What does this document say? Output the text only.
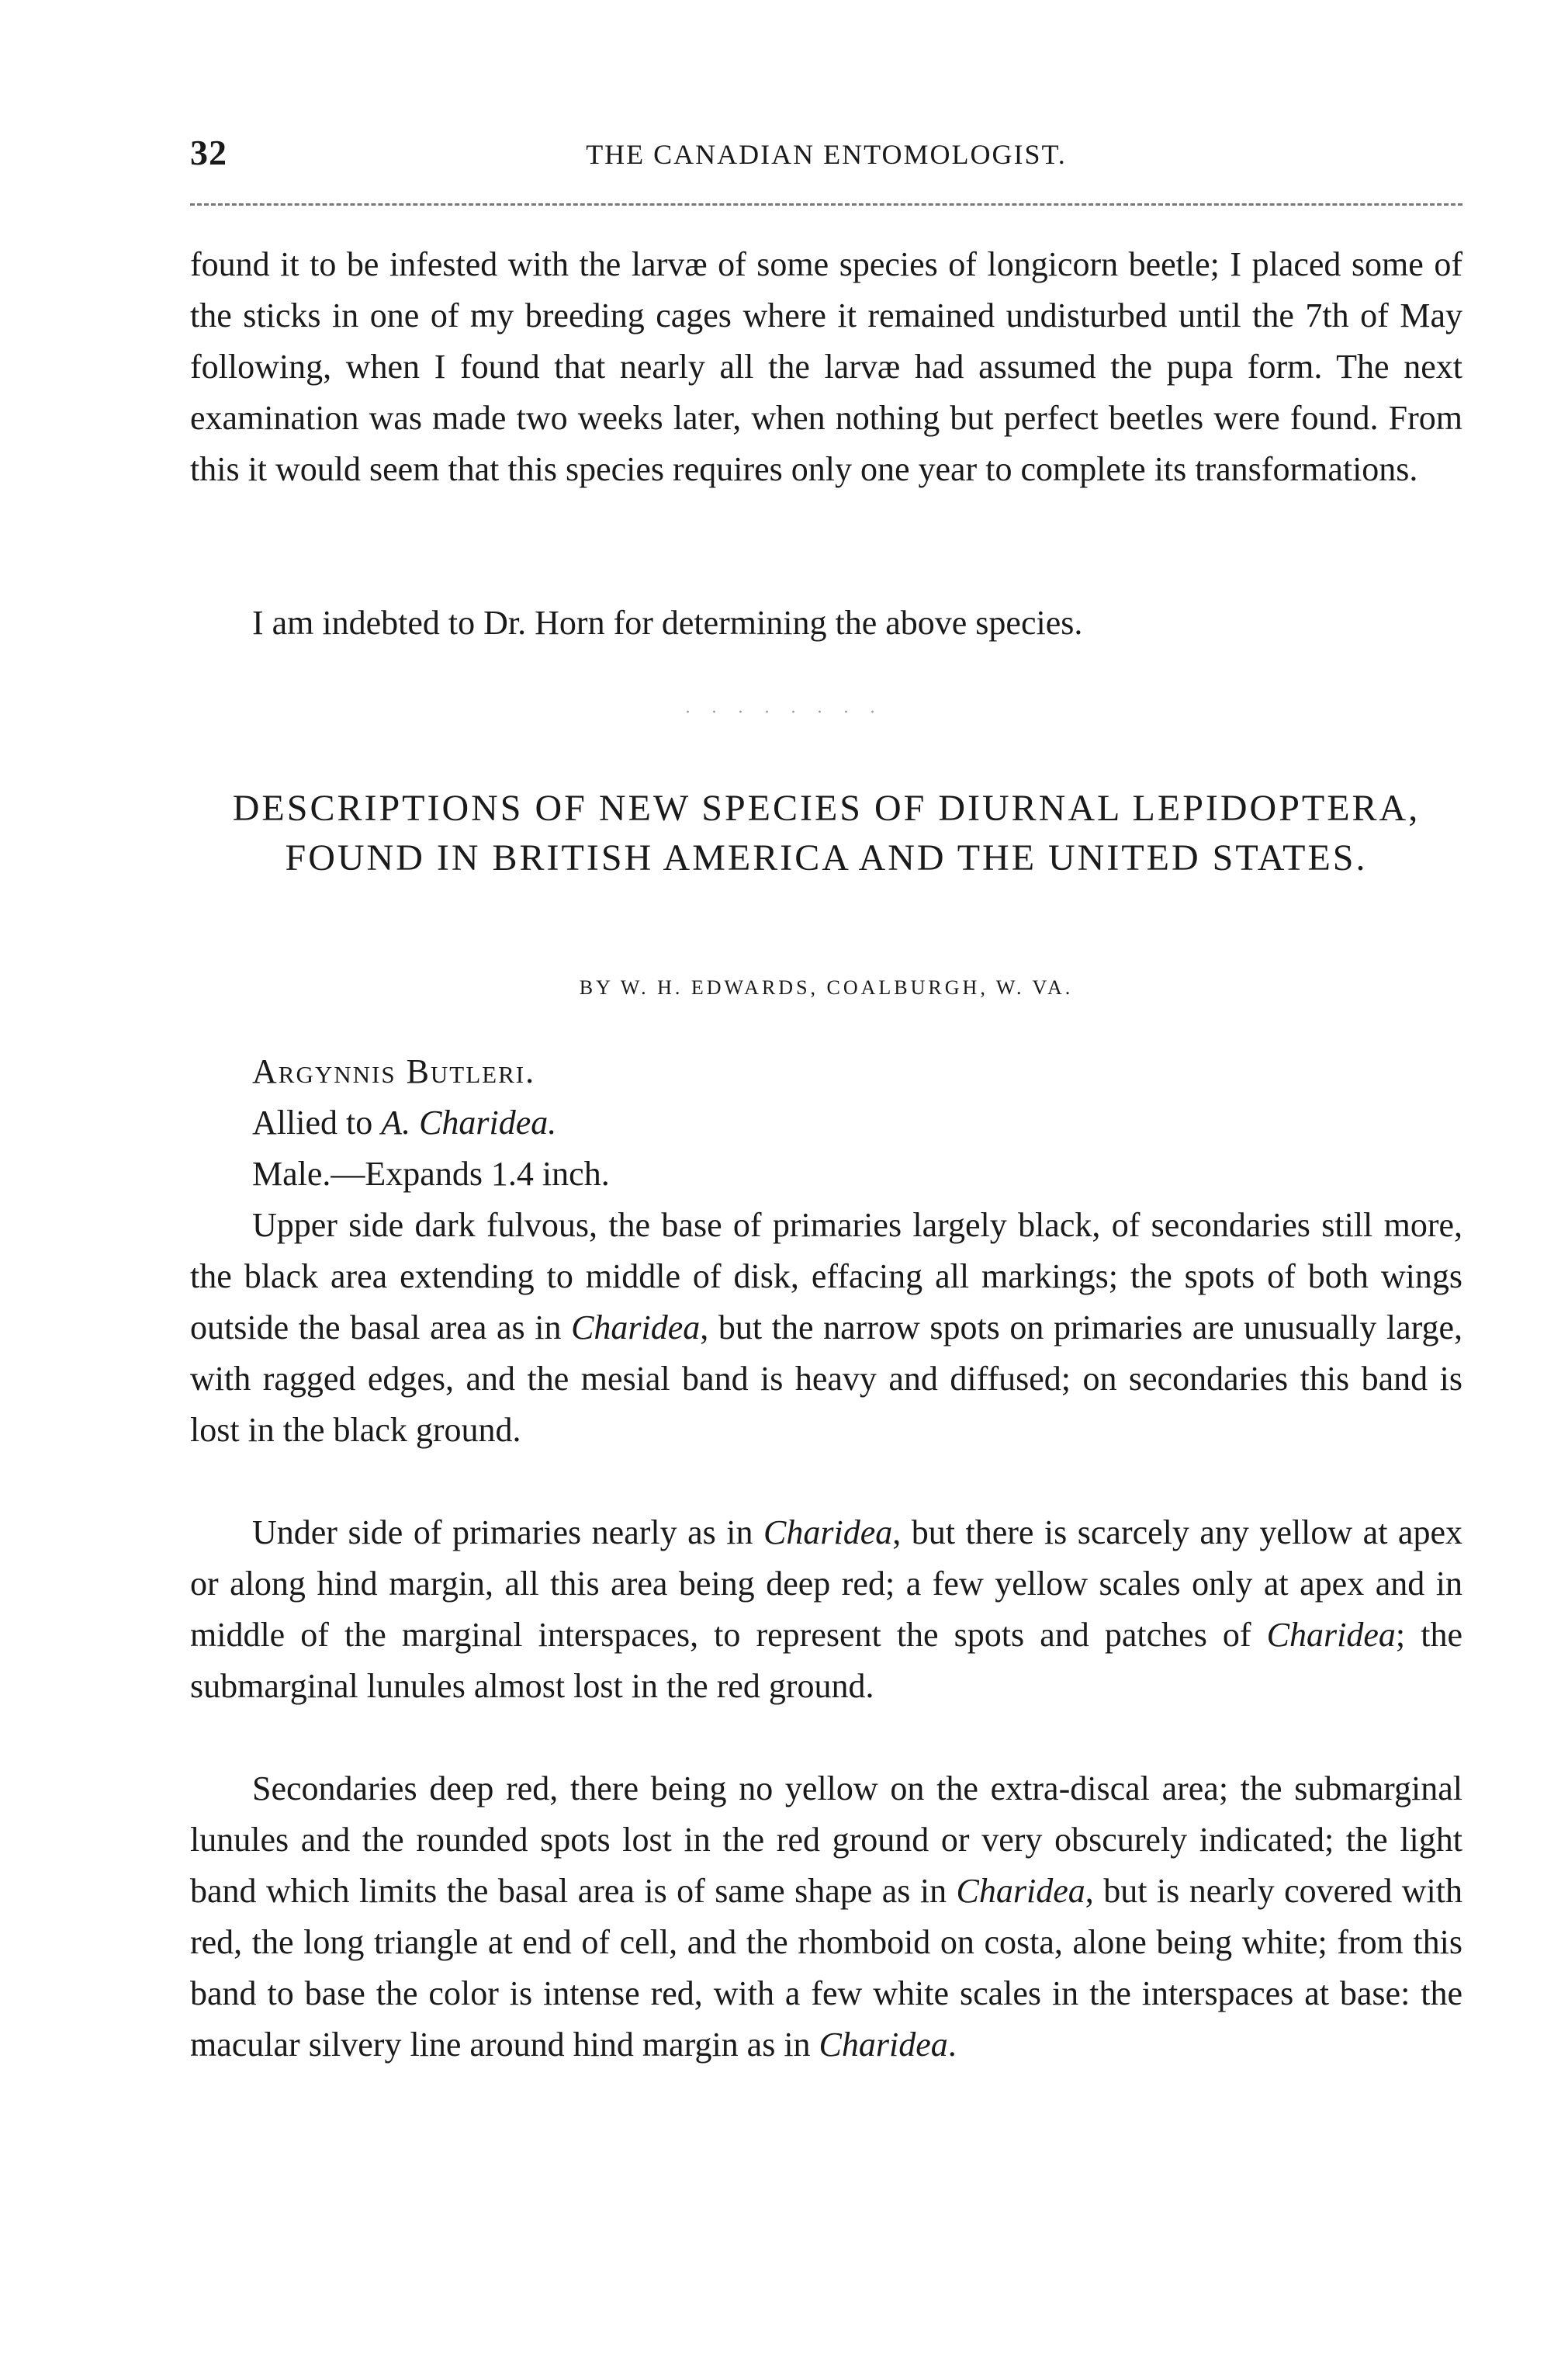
32	THE CANADIAN ENTOMOLOGIST.

found it to be infested with the larvæ of some species of longicorn beetle; I placed some of the sticks in one of my breeding cages where it remained undisturbed until the 7th of May following, when I found that nearly all the larvæ had assumed the pupa form. The next examination was made two weeks later, when nothing but perfect beetles were found. From this it would seem that this species requires only one year to complete its transformations.

I am indebted to Dr. Horn for determining the above species.

· · · · · · · ·
DESCRIPTIONS OF NEW SPECIES OF DIURNAL LEPIDOPTERA, FOUND IN BRITISH AMERICA AND THE UNITED STATES.
BY W. H. EDWARDS, COALBURGH, W. VA.
Argynnis Butleri.
Allied to A. Charidea.
Male.—Expands 1.4 inch.

Upper side dark fulvous, the base of primaries largely black, of secondaries still more, the black area extending to middle of disk, effacing all markings; the spots of both wings outside the basal area as in Charidea, but the narrow spots on primaries are unusually large, with ragged edges, and the mesial band is heavy and diffused; on secondaries this band is lost in the black ground.

Under side of primaries nearly as in Charidea, but there is scarcely any yellow at apex or along hind margin, all this area being deep red; a few yellow scales only at apex and in middle of the marginal interspaces, to represent the spots and patches of Charidea; the submarginal lunules almost lost in the red ground.

Secondaries deep red, there being no yellow on the extra-discal area; the submarginal lunules and the rounded spots lost in the red ground or very obscurely indicated; the light band which limits the basal area is of same shape as in Charidea, but is nearly covered with red, the long triangle at end of cell, and the rhomboid on costa, alone being white; from this band to base the color is intense red, with a few white scales in the interspaces at base: the macular silvery line around hind margin as in Charidea.
